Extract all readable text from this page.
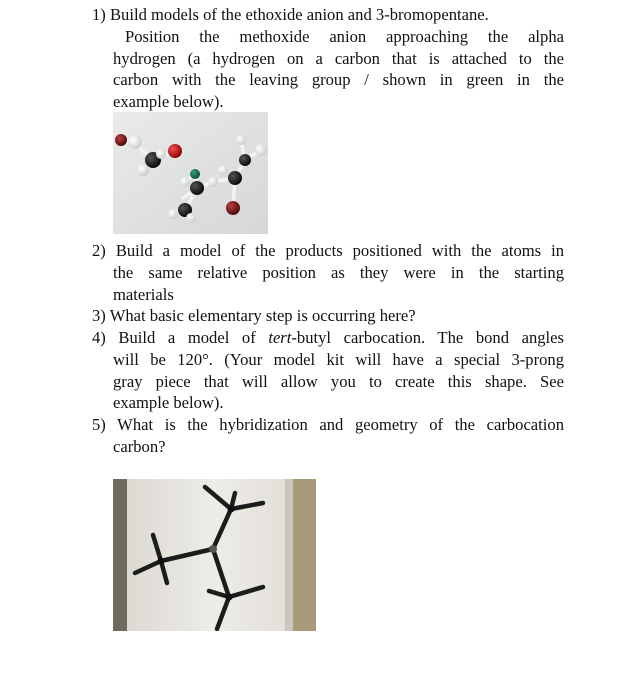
1) Build models of the ethoxide anion and 3-bromopentane.
Position the methoxide anion approaching the alpha
hydrogen (a hydrogen on a carbon that is attached to the
carbon with the leaving group / shown in green in the
example below).
2) Build a model of the products positioned with the atoms in
the same relative position as they were in the starting
materials
3) What basic elementary step is occurring here?
4) Build a model of tert-butyl carbocation. The bond angles
will be 120°. (Your model kit will have a special 3-prong
gray piece that will allow you to create this shape. See
example below).
5) What is the hybridization and geometry of the carbocation
carbon?
